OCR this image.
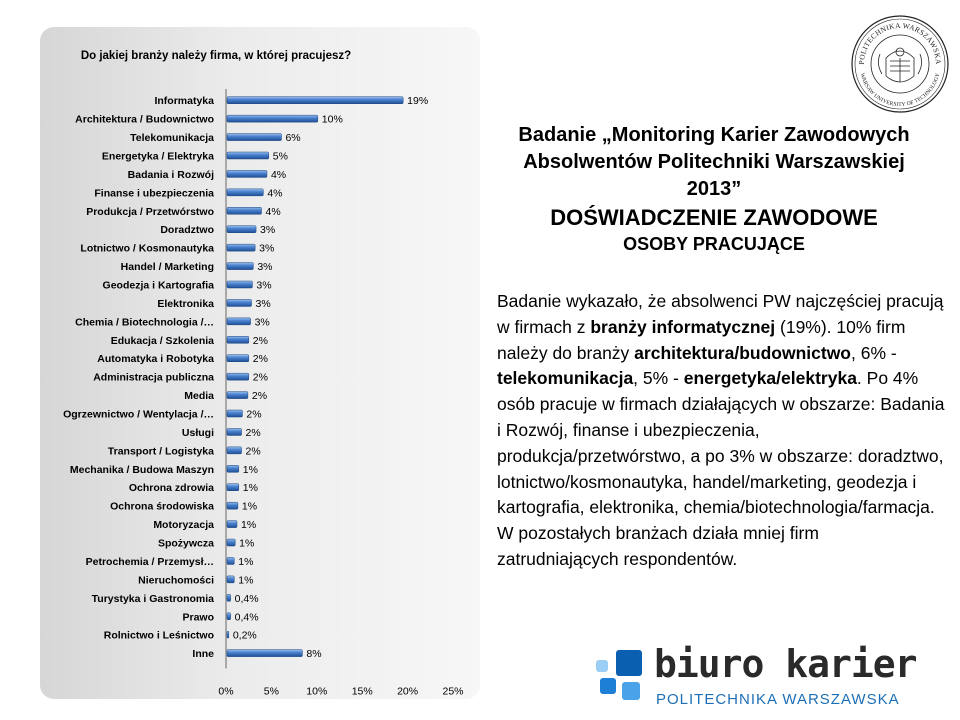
Do jakiej branży należy firma, w której pracujesz?
Informatyka	19%
Architektura / Budownictwo	10%
Telekomunikacja	6%
Energetyka / Elektryka	5%
Badania i Rozwój	4%
Finanse i ubezpieczenia	4%
Produkcja / Przetwórstwo	4%
Doradztwo	3%
Lotnictwo / Kosmonautyka	3%
Handel / Marketing	3%
Geodezja i Kartografia	3%
Elektronika	3%
Chemia / Biotechnologia /…	3%
Edukacja / Szkolenia	2%
Automatyka i Robotyka	2%
Administracja publiczna	2%
Media	2%
Ogrzewnictwo / Wentylacja /…	2%
Usługi	2%
Transport / Logistyka	2%
Mechanika / Budowa Maszyn	1%
Ochrona zdrowia	1%
Ochrona środowiska	1%
Motoryzacja	1%
Spożywcza 1%
Petrochemia / Przemysł… 1%
Nieruchomości 1%
Turystyka i Gastronomia 0,4%
Prawo 0,4%
Rolnictwo i Leśnictwo 0,2%
Inne	8%
0%	5%	10% 15% 20% 25%
POLITECHNIKA WARSZAWSKA
WARSAW UNIVERSITY OF TECHNOLOGY
Badanie „Monitoring Karier Zawodowych
Absolwentów Politechniki Warszawskiej
2013”
DOŚWIADCZENIE ZAWODOWE
OSOBY PRACUJĄCE
Badanie wykazało, że absolwenci PW najczęściej pracują w firmach z branży informatycznej (19%). 10% firm należy do branży architektura/budownictwo, 6% - telekomunikacja, 5% - energetyka/elektryka. Po 4% osób pracuje w firmach działających w obszarze: Badania i Rozwój, finanse i ubezpieczenia, produkcja/przetwórstwo, a po 3% w obszarze: doradztwo, lotnictwo/kosmonautyka, handel/marketing, geodezja i kartografia, elektronika, chemia/biotechnologia/farmacja. W pozostałych branżach działa mniej firm zatrudniających respondentów.
biuro karier
POLITECHNIKA WARSZAWSKA
